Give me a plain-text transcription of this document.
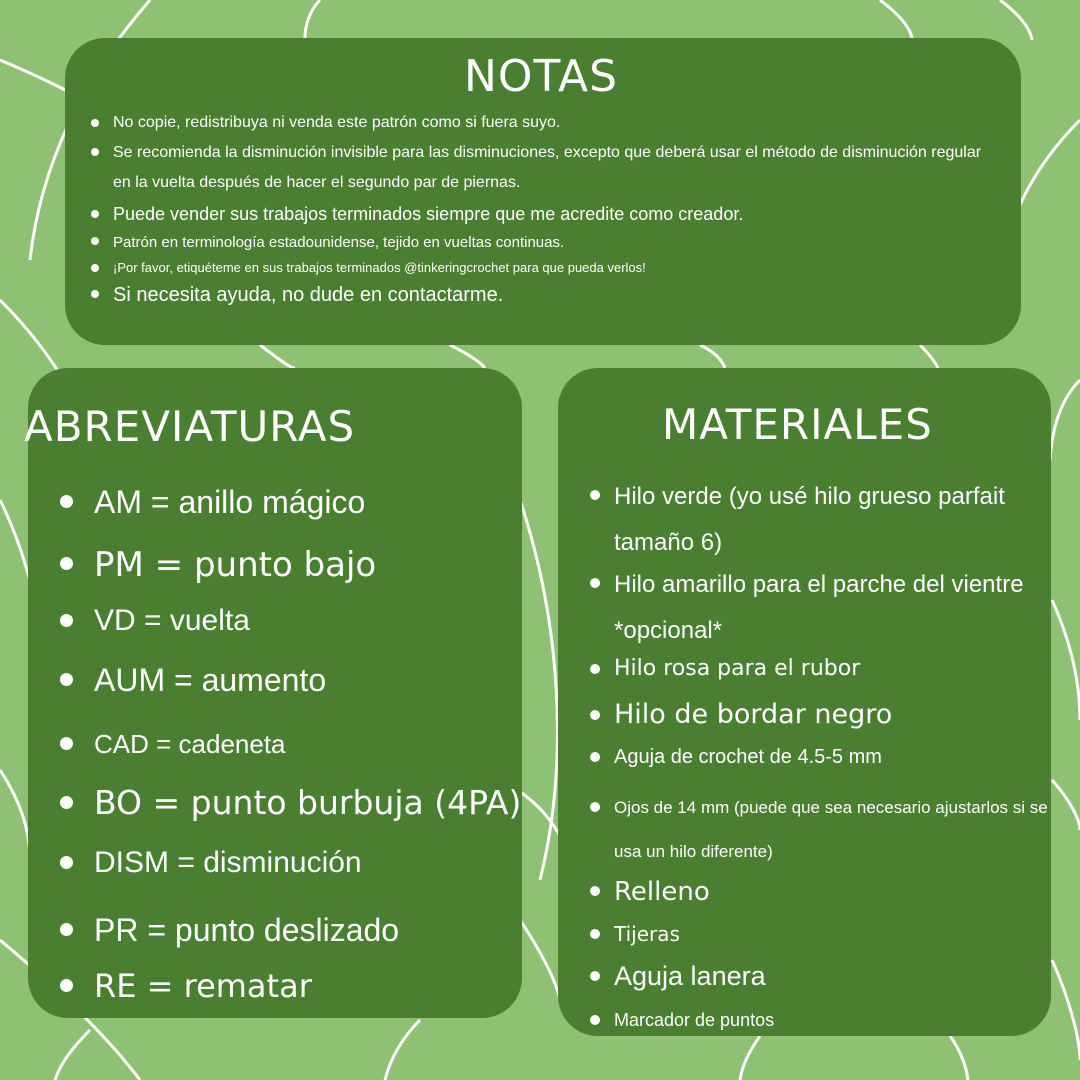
NOTAS
No copie, redistribuya ni venda este patrón como si fuera suyo.
Se recomienda la disminución invisible para las disminuciones, excepto que deberá usar el método de disminución regular en la vuelta después de hacer el segundo par de piernas.
Puede vender sus trabajos terminados siempre que me acredite como creador.
Patrón en terminología estadounidense, tejido en vueltas continuas.
¡Por favor, etiquéteme en sus trabajos terminados @tinkeringcrochet para que pueda verlos!
Si necesita ayuda, no dude en contactarme.
ABREVIATURAS
AM = anillo mágico
PM = punto bajo
VD = vuelta
AUM = aumento
CAD = cadeneta
BO = punto burbuja (4PA)
DISM = disminución
PR = punto deslizado
RE = rematar
MATERIALES
Hilo verde (yo usé hilo grueso parfait tamaño 6)
Hilo amarillo para el parche del vientre *opcional*
Hilo rosa para el rubor
Hilo de bordar negro
Aguja de crochet de 4.5-5 mm
Ojos de 14 mm (puede que sea necesario ajustarlos si se usa un hilo diferente)
Relleno
Tijeras
Aguja lanera
Marcador de puntos
